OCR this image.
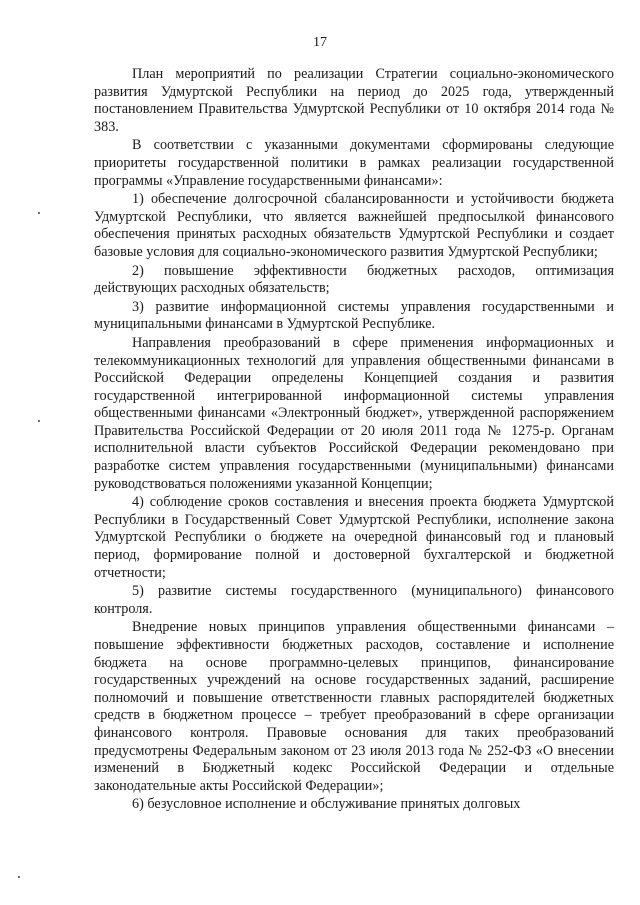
17

План мероприятий по реализации Стратегии социально-экономического развития Удмуртской Республики на период до 2025 года, утвержденный постановлением Правительства Удмуртской Республики от 10 октября 2014 года № 383.

В соответствии с указанными документами сформированы следующие приоритеты государственной политики в рамках реализации государственной программы «Управление государственными финансами»:

1) обеспечение долгосрочной сбалансированности и устойчивости бюджета Удмуртской Республики, что является важнейшей предпосылкой финансового обеспечения принятых расходных обязательств Удмуртской Республики и создает базовые условия для социально-экономического развития Удмуртской Республики;

2) повышение эффективности бюджетных расходов, оптимизация действующих расходных обязательств;

3) развитие информационной системы управления государственными и муниципальными финансами в Удмуртской Республике.

Направления преобразований в сфере применения информационных и телекоммуникационных технологий для управления общественными финансами в Российской Федерации определены Концепцией создания и развития государственной интегрированной информационной системы управления общественными финансами «Электронный бюджет», утвержденной распоряжением Правительства Российской Федерации от 20 июля 2011 года № 1275-р. Органам исполнительной власти субъектов Российской Федерации рекомендовано при разработке систем управления государственными (муниципальными) финансами руководствоваться положениями указанной Концепции;

4) соблюдение сроков составления и внесения проекта бюджета Удмуртской Республики в Государственный Совет Удмуртской Республики, исполнение закона Удмуртской Республики о бюджете на очередной финансовый год и плановый период, формирование полной и достоверной бухгалтерской и бюджетной отчетности;

5) развитие системы государственного (муниципального) финансового контроля.

Внедрение новых принципов управления общественными финансами – повышение эффективности бюджетных расходов, составление и исполнение бюджета на основе программно-целевых принципов, финансирование государственных учреждений на основе государственных заданий, расширение полномочий и повышение ответственности главных распорядителей бюджетных средств в бюджетном процессе – требует преобразований в сфере организации финансового контроля. Правовые основания для таких преобразований предусмотрены Федеральным законом от 23 июля 2013 года № 252-ФЗ «О внесении изменений в Бюджетный кодекс Российской Федерации и отдельные законодательные акты Российской Федерации»;

6) безусловное исполнение и обслуживание принятых долговых
